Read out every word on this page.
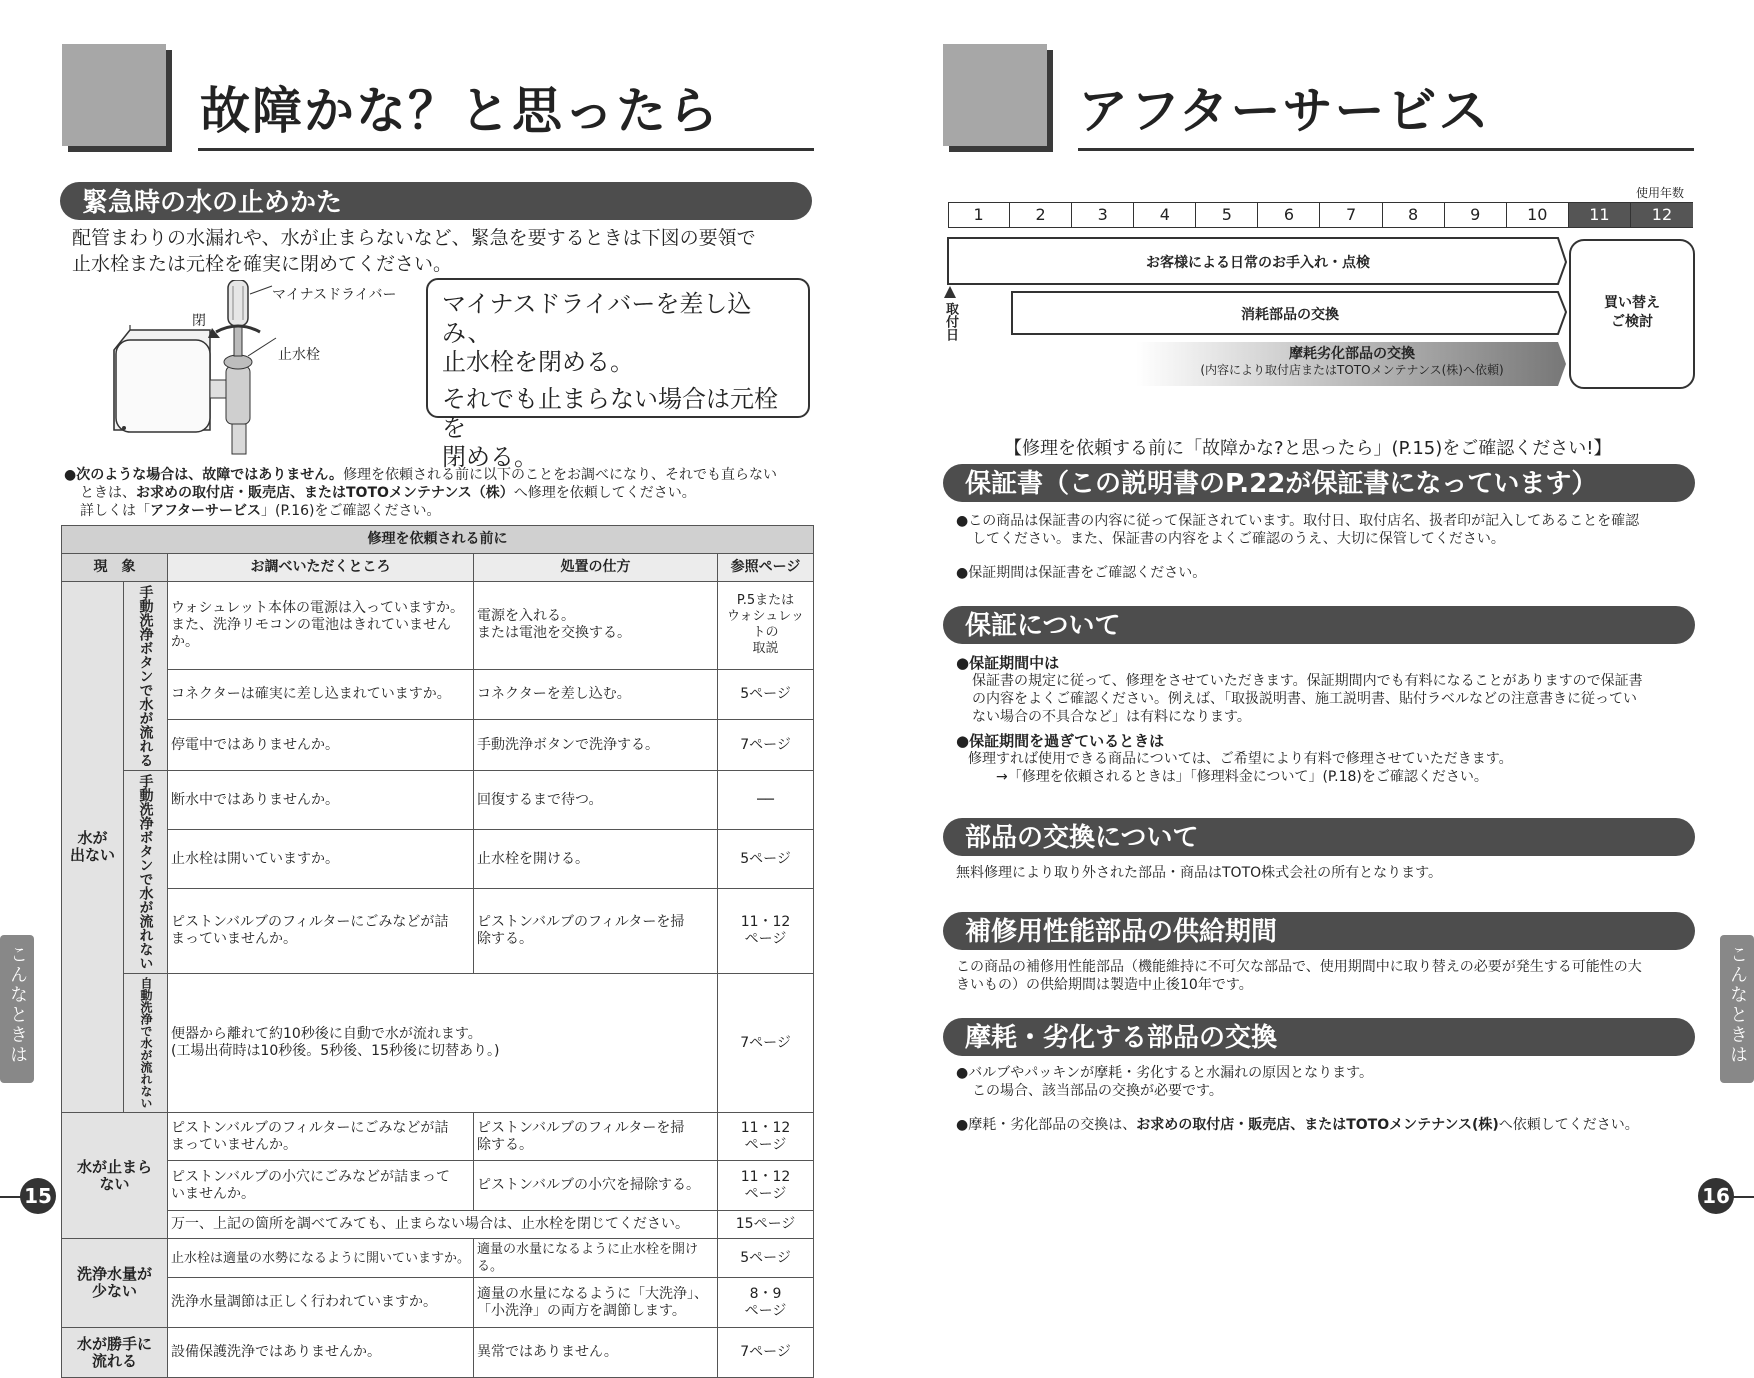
故障かな？と思ったら
緊急時の水の止めかた
配管まわりの水漏れや、水が止まらないなど、緊急を要するときは下図の要領で
止水栓または元栓を確実に閉めてください。
マイナスドライバー
閉
止水栓
マイナスドライバーを差し込み、
止水栓を閉める。
それでも止まらない場合は元栓を
閉める。
●次のような場合は、故障ではありません。修理を依頼される前に以下のことをお調べになり、それでも直らない
ときは、お求めの取付店・販売店、またはTOTOメンテナンス（株）へ修理を依頼してください。
詳しくは「アフターサービス」(P.16)をご確認ください。
修理を依頼される前に				
現　象		お調べいただくところ	処置の仕方	参照ページ
水が
出ない	手動洗浄ボタンで水が流れる	ウォシュレット本体の電源は入っていますか。
また、洗浄リモコンの電池はきれていませんか。	電源を入れる。
または電池を交換する。	P.5または
ウォシュレットの
取説
		コネクターは確実に差し込まれていますか。	コネクターを差し込む。	5ページ
		停電中ではありませんか。	手動洗浄ボタンで洗浄する。	7ページ

	手動洗浄ボタンで水が流れない	断水中ではありませんか。	回復するまで待つ。	──
		止水栓は開いていますか。	止水栓を開ける。	5ページ
		ピストンバルブのフィルターにごみなどが詰
まっていませんか。	ピストンバルブのフィルターを掃
除する。	11・12
ページ

	自動洗浄で水が流れない	便器から離れて約10秒後に自動で水が流れます。
(工場出荷時は10秒後。5秒後、15秒後に切替あり。)		7ページ
水が止まら
ない		ピストンバルブのフィルターにごみなどが詰
まっていませんか。	ピストンバルブのフィルターを掃
除する。	11・12
ページ
		ピストンバルブの小穴にごみなどが詰まって
いませんか。	ピストンバルブの小穴を掃除する。	11・12
ページ
		万一、上記の箇所を調べてみても、止まらない場合は、止水栓を閉じてください。		15ページ
洗浄水量が
少ない		止水栓は適量の水勢になるように開いていますか。	適量の水量になるように止水栓を開ける。	5ページ
		洗浄水量調節は正しく行われていますか。	適量の水量になるように「大洗浄」、
「小洗浄」の両方を調節します。	8・9
ページ
水が勝手に
流れる		設備保護洗浄ではありませんか。	異常ではありません。	7ページ
こんなときは
15
アフターサービス
使用年数
1	2	3	4	5	6	7	8	9	10	11	12
取付日
お客様による日常のお手入れ・点検
消耗部品の交換
摩耗劣化部品の交換
(内容により取付店またはTOTOメンテナンス(株)へ依頼)
買い替え
ご検討
【修理を依頼する前に「故障かな?と思ったら」(P.15)をご確認ください!】
保証書（この説明書のP.22が保証書になっています）
●この商品は保証書の内容に従って保証されています。取付日、取付店名、扱者印が記入してあることを確認
してください。また、保証書の内容をよくご確認のうえ、大切に保管してください。
●保証期間は保証書をご確認ください。
保証について
●保証期間中は
保証書の規定に従って、修理をさせていただきます。保証期間内でも有料になることがありますので保証書
の内容をよくご確認ください。例えば、「取扱説明書、施工説明書、貼付ラベルなどの注意書きに従ってい
ない場合の不具合など」は有料になります。
●保証期間を過ぎているときは
修理すれば使用できる商品については、ご希望により有料で修理させていただきます。
→「修理を依頼されるときは」「修理料金について」(P.18)をご確認ください。
部品の交換について
無料修理により取り外された部品・商品はTOTO株式会社の所有となります。
補修用性能部品の供給期間
この商品の補修用性能部品（機能維持に不可欠な部品で、使用期間中に取り替えの必要が発生する可能性の大
きいもの）の供給期間は製造中止後10年です。
摩耗・劣化する部品の交換
●バルブやパッキンが摩耗・劣化すると水漏れの原因となります。
この場合、該当部品の交換が必要です。
●摩耗・劣化部品の交換は、お求めの取付店・販売店、またはTOTOメンテナンス(株)へ依頼してください。
こんなときは
16
